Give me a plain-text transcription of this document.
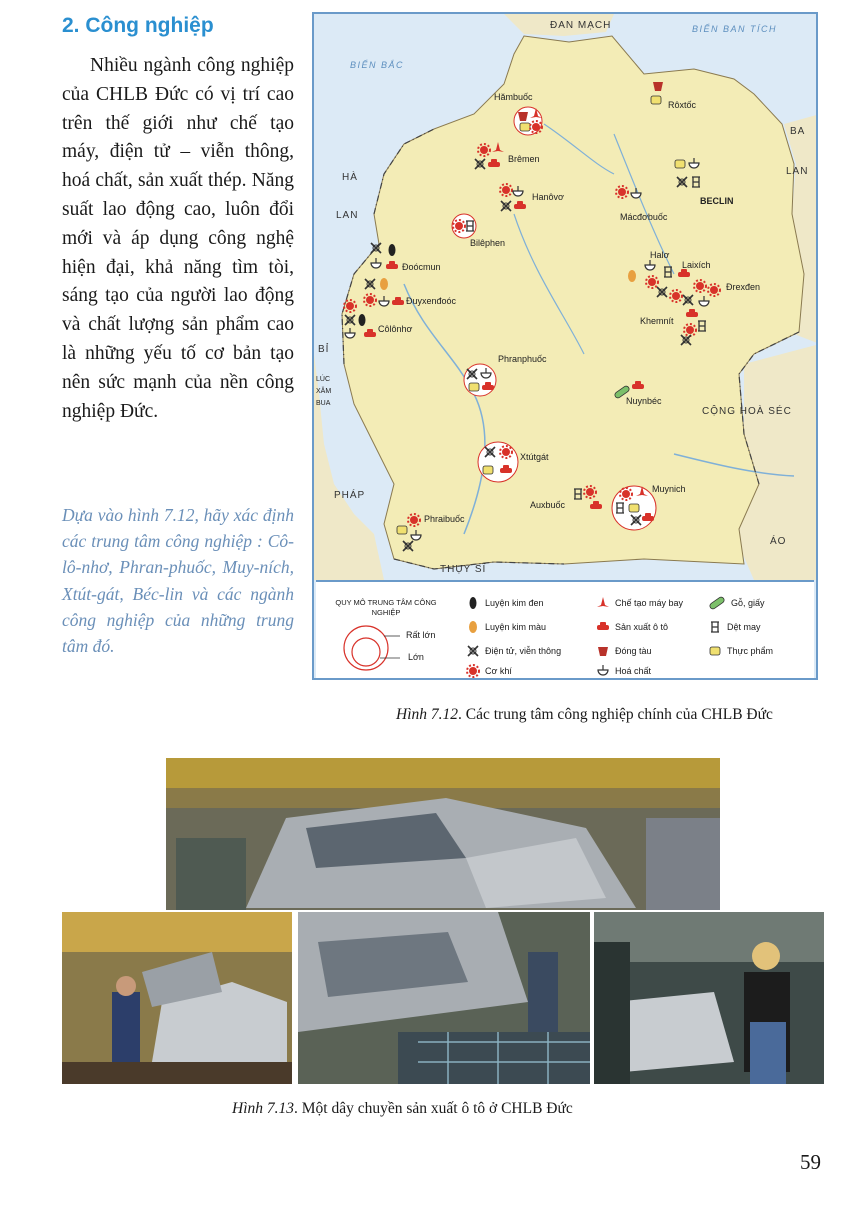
2. Công nghiệp

Nhiều ngành công nghiệp của CHLB Đức có vị trí cao trên thế giới như chế tạo máy, điện tử – viễn thông, hoá chất, sản xuất thép. Năng suất lao động cao, luôn đổi mới và áp dụng công nghệ hiện đại, khả năng tìm tòi, sáng tạo của người lao động và chất lượng sản phẩm cao là những yếu tố cơ bản tạo nên sức mạnh của nền công nghiệp Đức.

Dựa vào hình 7.12, hãy xác định các trung tâm công nghiệp : Cô-lô-nhơ, Phran-phuốc, Muy-ních, Xtút-gát, Béc-lin và các ngành công nghiệp của những trung tâm đó.

ĐAN MẠCH	BIỂN BAN TÍCH
BIỂN BẮC
BA
LAN
HÀ
LAN
BỈ
LÚC
XĂM
BUA
CỘNG HOÀ SÉC
PHÁP
THỤY SĨ
ÁO
Hămbuốc
Rôxtốc
Brêmen
Hanôvơ	BECLIN
Mácđơbuốc
Bilêphen
Đoócmun
Đuyxenđoóc
Côlônhơ
Halơ
Laixích
Đrexđen
Khemnít
Phranphuốc
Nuynbéc
Xtútgát
Auxbuốc
Muynich
Phraibuốc
QUY MÔ TRUNG TÂM CÔNG NGHIỆP
Rất lớn
Lớn
Luyện kim đen
Luyện kim màu
Điện tử, viễn thông
Cơ khí
Chế tạo máy bay
Sản xuất ô tô
Đóng tàu
Hoá chất
Gỗ, giấy
Dệt may
Thực phẩm

Hình 7.12. Các trung tâm công nghiệp chính của CHLB Đức

Hình 7.13. Một dây chuyền sản xuất ô tô ở CHLB Đức

59
